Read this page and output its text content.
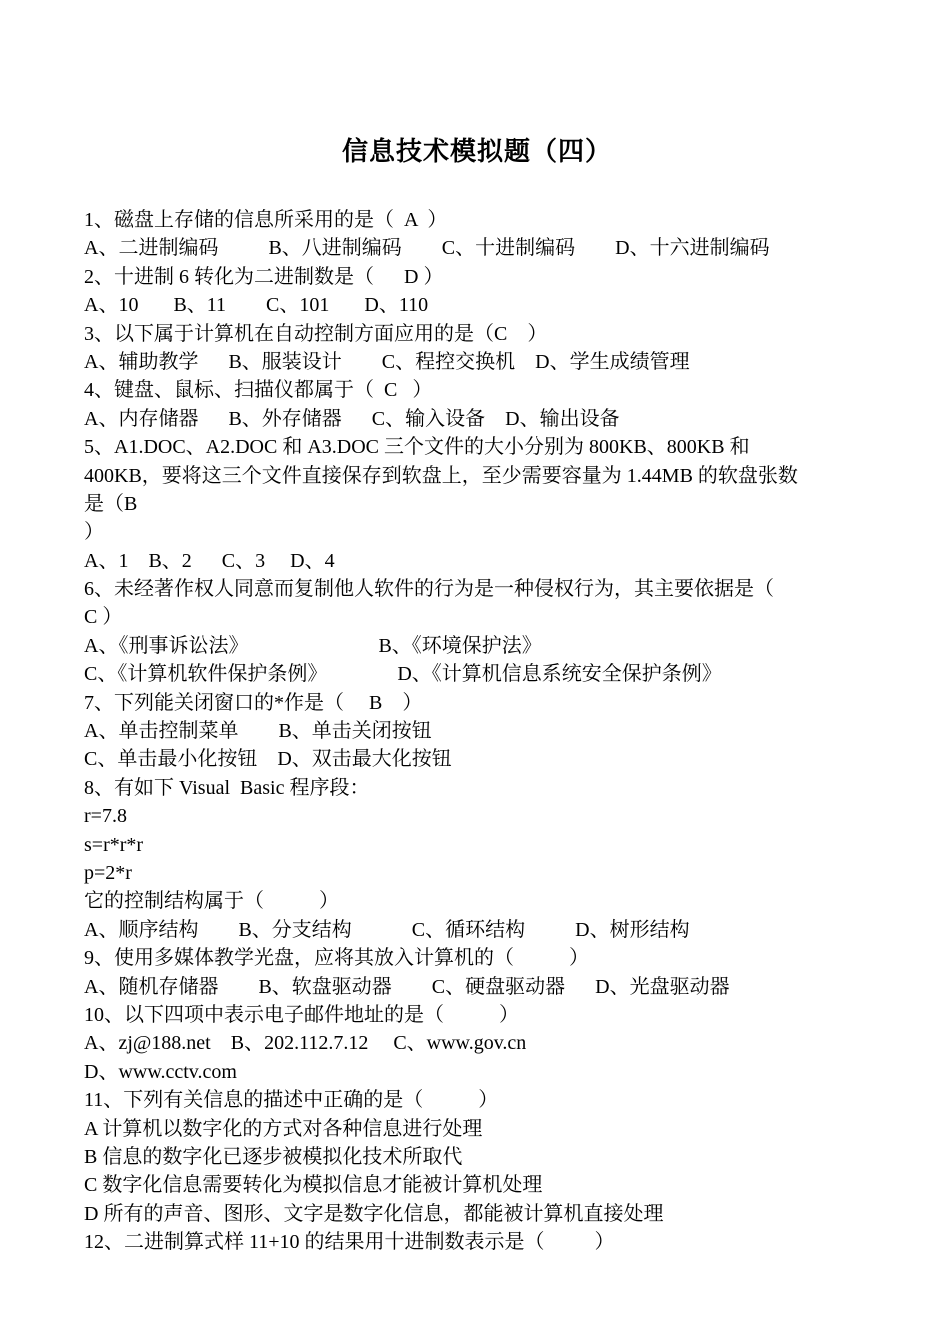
信息技术模拟题（四）
1、磁盘上存储的信息所采用的是（  A  ）
A、二进制编码          B、八进制编码        C、十进制编码        D、十六进制编码
2、十进制 6 转化为二进制数是（      D ）
A、10       B、11        C、101       D、110
3、以下属于计算机在自动控制方面应用的是（C    ）
A、辅助教学      B、服装设计        C、程控交换机    D、学生成绩管理
4、键盘、鼠标、扫描仪都属于（  C   ）
A、内存储器      B、外存储器      C、输入设备    D、输出设备
5、A1.DOC、A2.DOC 和 A3.DOC 三个文件的大小分别为 800KB、800KB 和
400KB，要将这三个文件直接保存到软盘上，至少需要容量为 1.44MB 的软盘张数
是（B
）
A、1    B、2      C、3     D、4
6、未经著作权人同意而复制他人软件的行为是一种侵权行为，其主要依据是（
C ）
A、《刑事诉讼法》                          B、《环境保护法》
C、《计算机软件保护条例》              D、《计算机信息系统安全保护条例》
7、下列能关闭窗口的*作是（     B    ）
A、单击控制菜单        B、单击关闭按钮
C、单击最小化按钮    D、双击最大化按钮
8、有如下 Visual  Basic 程序段：
r=7.8
s=r*r*r
p=2*r
它的控制结构属于（           ）
A、顺序结构        B、分支结构            C、循环结构          D、树形结构
9、使用多媒体教学光盘，应将其放入计算机的（           ）
A、随机存储器        B、软盘驱动器        C、硬盘驱动器      D、光盘驱动器
10、以下四项中表示电子邮件地址的是（           ）
A、zj@188.net    B、202.112.7.12     C、www.gov.cn
D、www.cctv.com
11、下列有关信息的描述中正确的是（           ）
A 计算机以数字化的方式对各种信息进行处理
B 信息的数字化已逐步被模拟化技术所取代
C 数字化信息需要转化为模拟信息才能被计算机处理
D 所有的声音、图形、文字是数字化信息，都能被计算机直接处理
12、二进制算式样 11+10 的结果用十进制数表示是（          ）
